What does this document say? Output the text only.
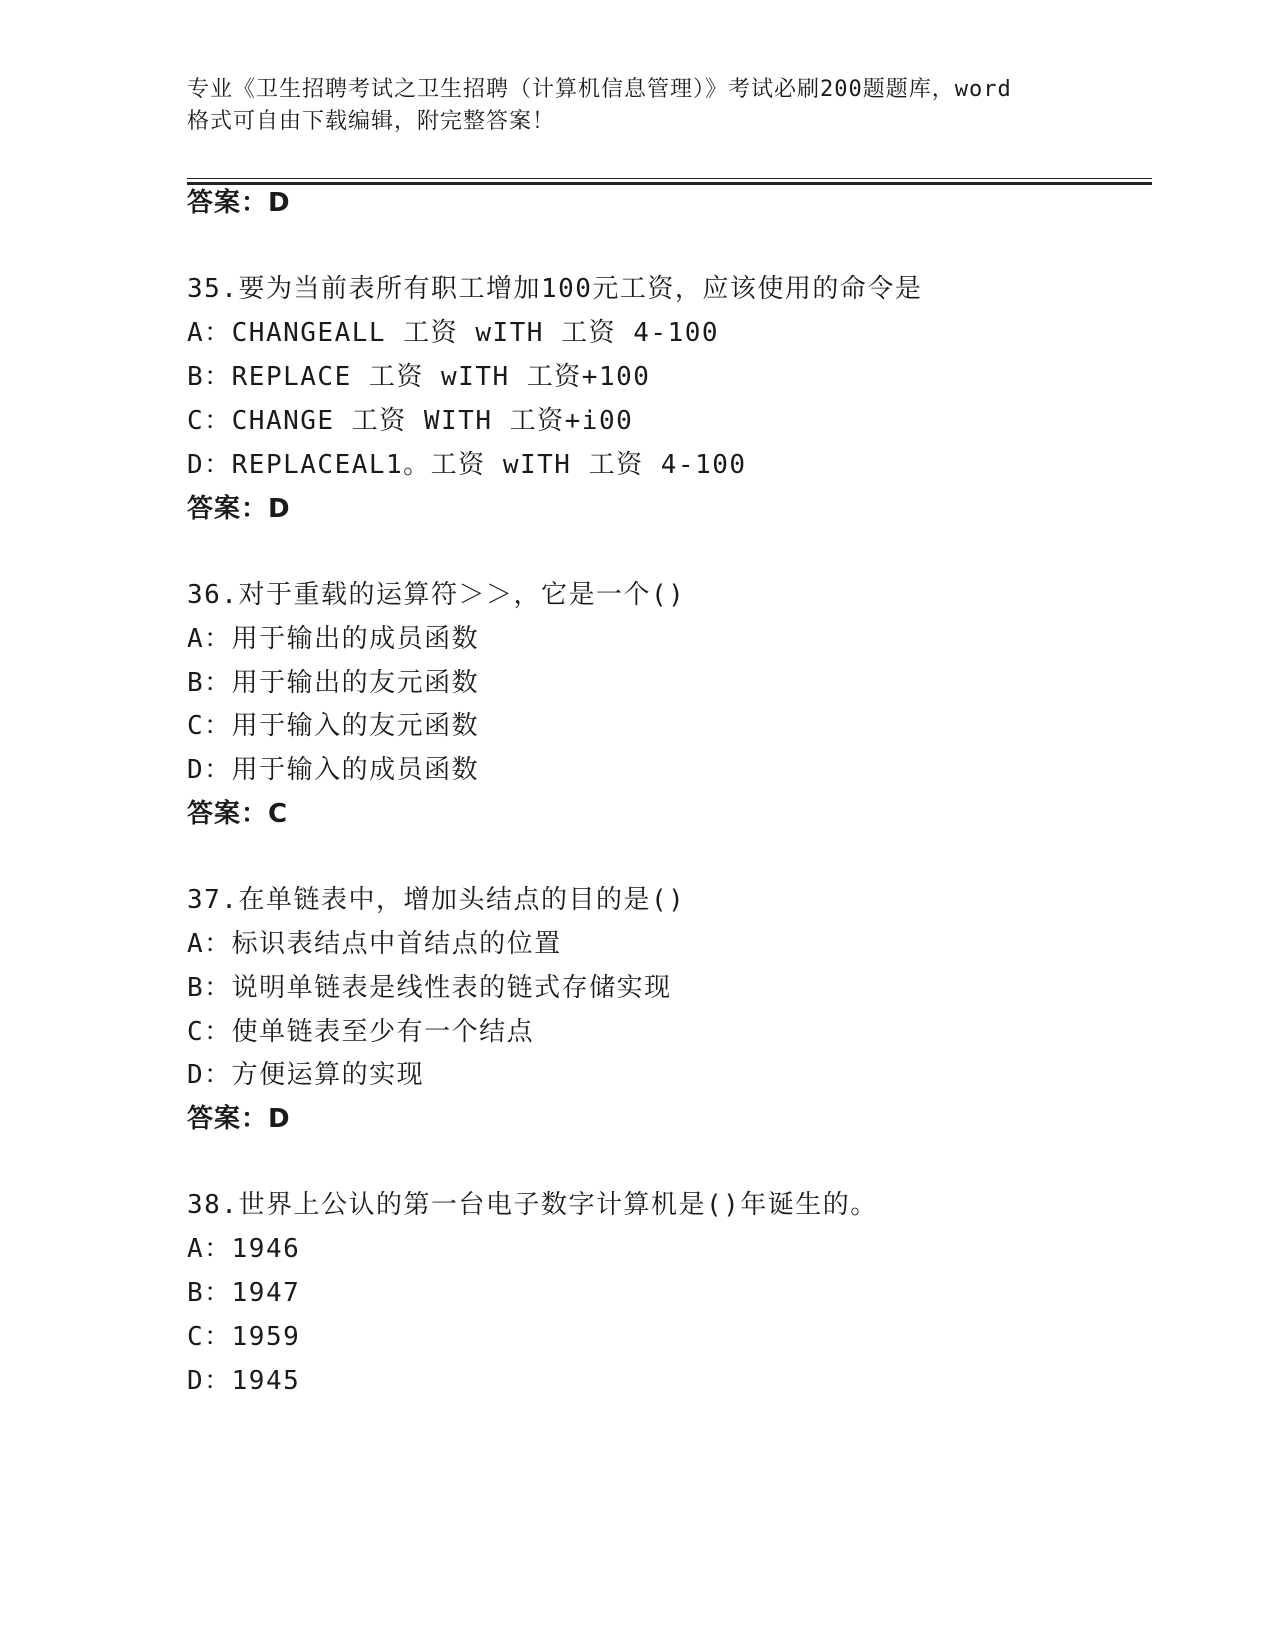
专业《卫生招聘考试之卫生招聘（计算机信息管理）》考试必刷200题题库，word
格式可自由下载编辑，附完整答案！
答案：D
35.要为当前表所有职工增加100元工资，应该使用的命令是
A：CHANGEALL 工资 wITH 工资 4-100
B：REPLACE 工资 wITH 工资+100
C：CHANGE 工资 WITH 工资+i00
D：REPLACEAL1。工资 wITH 工资 4-100
答案：D
36.对于重载的运算符＞＞，它是一个()
A：用于输出的成员函数
B：用于输出的友元函数
C：用于输入的友元函数
D：用于输入的成员函数
答案：C
37.在单链表中，增加头结点的目的是()
A：标识表结点中首结点的位置
B：说明单链表是线性表的链式存储实现
C：使单链表至少有一个结点
D：方便运算的实现
答案：D
38.世界上公认的第一台电子数字计算机是()年诞生的。
A：1946
B：1947
C：1959
D：1945
